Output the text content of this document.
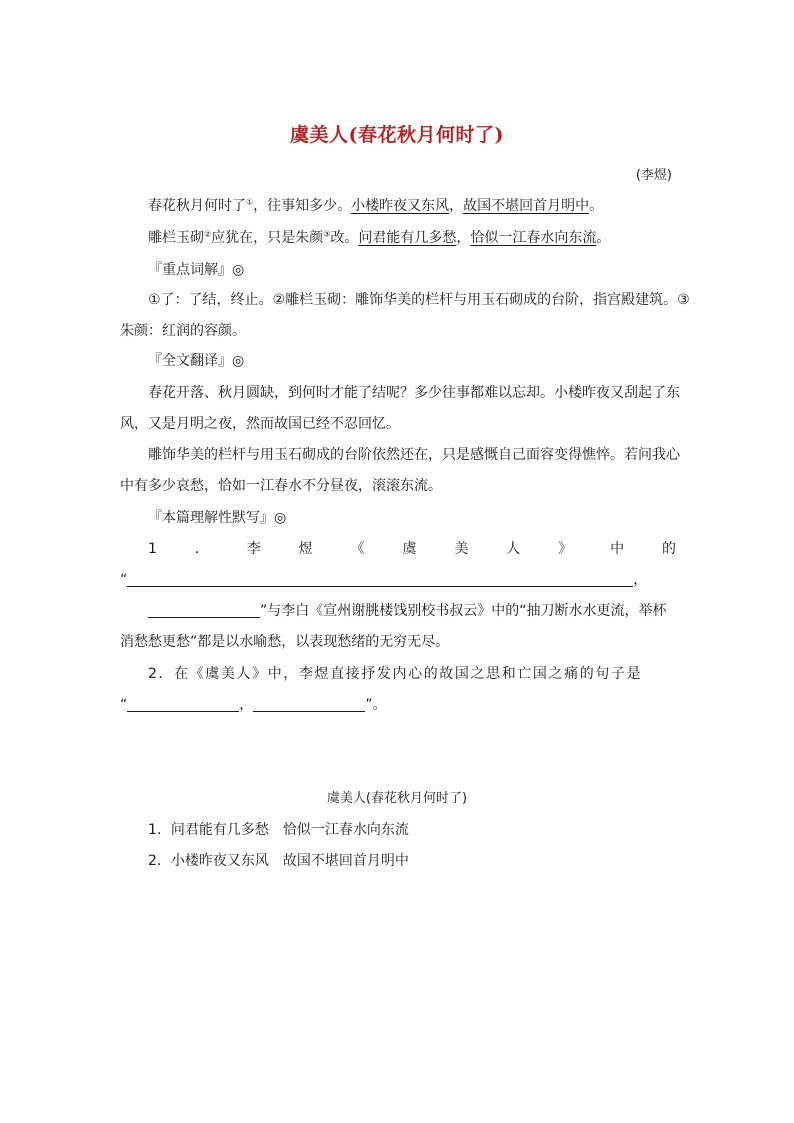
虞美人(春花秋月何时了)
(李煜)
春花秋月何时了①，往事知多少。小楼昨夜又东风，故国不堪回首月明中。
雕栏玉砌②应犹在，只是朱颜③改。问君能有几多愁，恰似一江春水向东流。
『重点词解』◎
①了：了结，终止。②雕栏玉砌：雕饰华美的栏杆与用玉石砌成的台阶，指宫殿建筑。③
朱颜：红润的容颜。
『全文翻译』◎
春花开落、秋月圆缺，到何时才能了结呢？多少往事都难以忘却。小楼昨夜又刮起了东
风，又是月明之夜，然而故国已经不忍回忆。
雕饰华美的栏杆与用玉石砌成的台阶依然还在，只是感慨自己面容变得憔悴。若问我心
中有多少哀愁，恰如一江春水不分昼夜，滚滚东流。
『本篇理解性默写』◎
1	．	李	煜	《	虞	美	人	》	中	的
“	，
”与李白《宣州谢朓楼饯别校书叔云》中的“抽刀断水水更流，举杯
消愁愁更愁”都是以水喻愁，以表现愁绪的无穷无尽。
2．在《虞美人》中，李煜直接抒发内心的故国之思和亡国之痛的句子是
“	，	”。
虞美人(春花秋月何时了)
1．问君能有几多愁　恰似一江春水向东流
2．小楼昨夜又东风　故国不堪回首月明中
